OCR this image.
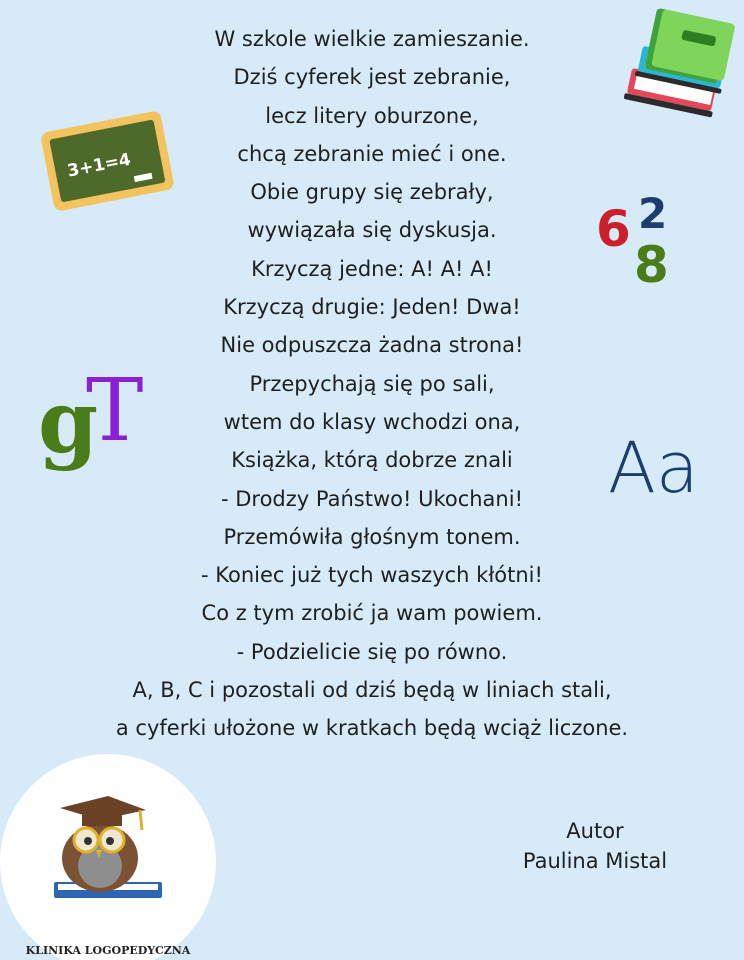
W szkole wielkie zamieszanie.
Dziś cyferek jest zebranie,
lecz litery oburzone,
chcą zebranie mieć i one.
Obie grupy się zebrały,
wywiązała się dyskusja.
Krzyczą jedne: A! A! A!
Krzyczą drugie: Jeden! Dwa!
Nie odpuszcza żadna strona!
Przepychają się po sali,
wtem do klasy wchodzi ona,
Książka, którą dobrze znali
- Drodzy Państwo! Ukochani!
Przemówiła głośnym tonem.
- Koniec już tych waszych kłótni!
Co z tym zrobić ja wam powiem.
- Podzielicie się po równo.
A, B, C i pozostali od dziś będą w liniach stali,
a cyferki ułożone w kratkach będą wciąż liczone.
Autor
Paulina Mistal
3+1=4
6 2
8
g
T
Aa
KLINIKA LOGOPEDYCZNA
